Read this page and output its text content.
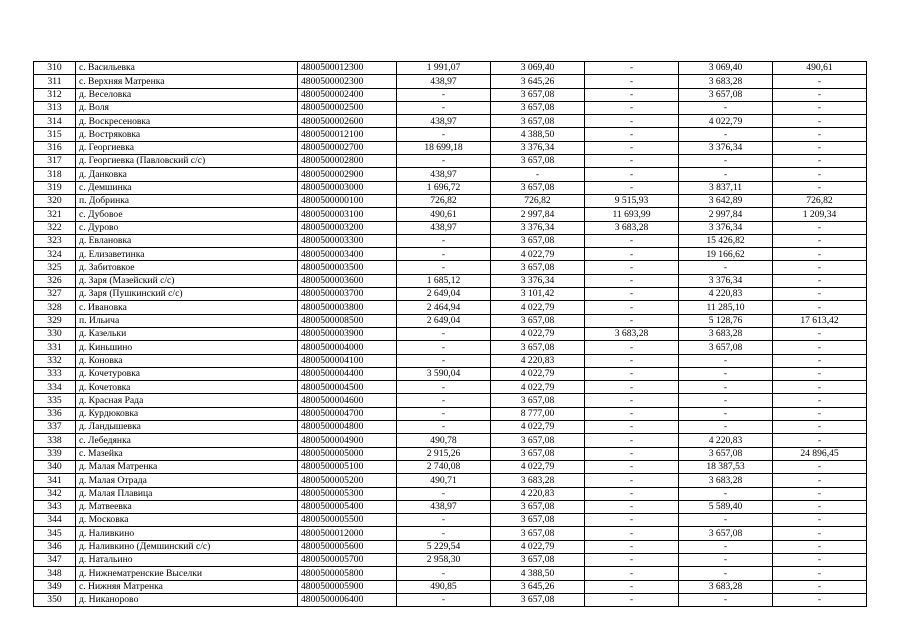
310	с. Васильевка	4800500012300	1 991,07	3 069,40	-	3 069,40	490,61
311	с. Верхняя Матренка	4800500002300	438,97	3 645,26	-	3 683,28	-
312	д. Веселовка	4800500002400	-	3 657,08	-	3 657,08	-
313	д. Воля	4800500002500	-	3 657,08	-	-	-
314	д. Воскресеновка	4800500002600	438,97	3 657,08	-	4 022,79	-
315	д. Востряковка	4800500012100	-	4 388,50	-	-	-
316	д. Георгиевка	4800500002700	18 699,18	3 376,34	-	3 376,34	-
317	д. Георгиевка (Павловский с/с)	4800500002800	-	3 657,08	-	-	-
318	д. Данковка	4800500002900	438,97	-	-	-	-
319	с. Демшинка	4800500003000	1 696,72	3 657,08	-	3 837,11	-
320	п. Добринка	4800500000100	726,82	726,82	9 515,93	3 642,89	726,82
321	с. Дубовое	4800500003100	490,61	2 997,84	11 693,99	2 997,84	1 209,34
322	с. Дурово	4800500003200	438,97	3 376,34	3 683,28	3 376,34	-
323	д. Евлановка	4800500003300	-	3 657,08	-	15 426,82	-
324	д. Елизаветинка	4800500003400	-	4 022,79	-	19 166,62	-
325	д. Забитовкое	4800500003500	-	3 657,08	-	-	-
326	д. Заря (Мазейский с/с)	4800500003600	1 685,12	3 376,34	-	3 376,34	-
327	д. Заря (Пушкинский с/с)	4800500003700	2 649,04	3 101,42	-	4 220,83	-
328	с. Ивановка	4800500003800	2 464,94	4 022,79	-	11 285,10	-
329	п. Ильича	4800500008500	2 649,04	3 657,08	-	5 128,76	17 613,42
330	д. Казельки	4800500003900	-	4 022,79	3 683,28	3 683,28	-
331	д. Киньшино	4800500004000	-	3 657,08	-	3 657,08	-
332	д. Коновка	4800500004100	-	4 220,83	-	-	-
333	д. Кочетуровка	4800500004400	3 590,04	4 022,79	-	-	-
334	д. Кочетовка	4800500004500	-	4 022,79	-	-	-
335	д. Красная Рада	4800500004600	-	3 657,08	-	-	-
336	д. Курдюковка	4800500004700	-	8 777,00	-	-	-
337	д. Ландышевка	4800500004800	-	4 022,79	-	-	-
338	с. Лебедянка	4800500004900	490,78	3 657,08	-	4 220,83	-
339	с. Мазейка	4800500005000	2 915,26	3 657,08	-	3 657,08	24 896,45
340	д. Малая Матренка	4800500005100	2 740,08	4 022,79	-	18 387,53	-
341	д. Малая Отрада	4800500005200	490,71	3 683,28	-	3 683,28	-
342	д. Малая Плавица	4800500005300	-	4 220,83	-	-	-
343	д. Матвеевка	4800500005400	438,97	3 657,08	-	5 589,40	-
344	д. Московка	4800500005500	-	3 657,08	-	-	-
345	д. Наливкино	4800500012000	-	3 657,08	-	3 657,08	-
346	д. Наливкино (Демшинский с/с)	4800500005600	5 229,54	4 022,79	-	-	-
347	д. Натальино	4800500005700	2 958,30	3 657,08	-	-	-
348	д. Нижнематренские Выселки	4800500005800	-	4 388,50	-	-	-
349	с. Нижняя Матренка	4800500005900	490,85	3 645,26	-	3 683,28	-
350	д. Никаноровo	4800500006400	-	3 657,08	-	-	-
